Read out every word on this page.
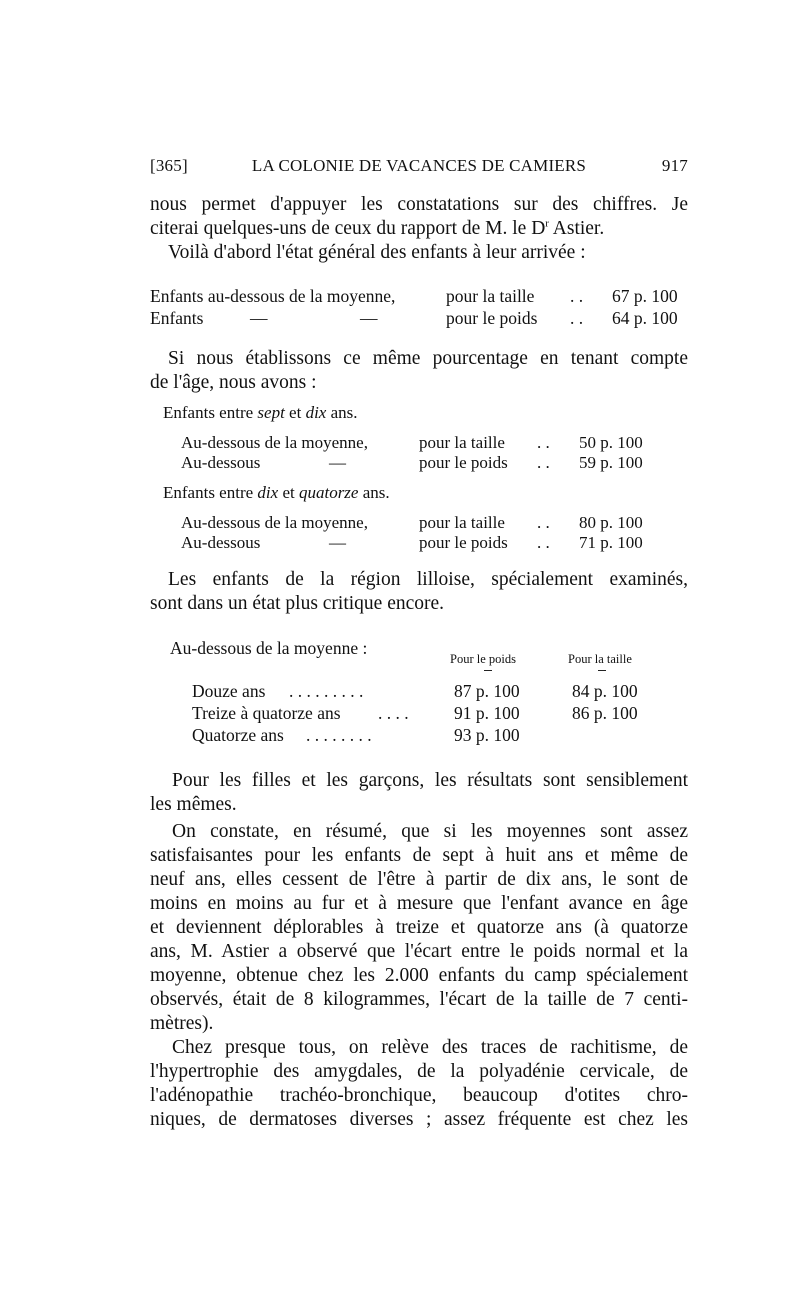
[365]	LA COLONIE DE VACANCES DE CAMIERS	917
nous permet d'appuyer les constatations sur des chiffres. Je
citerai quelques-uns de ceux du rapport de M. le $D^r$ Astier.
Voilà d'abord l'état général des enfants à leur arrivée :
Enfants au-dessous de la moyenne,	pour la taille . . 67 p. 100
Enfants	—	—	pour le poids . . 64 p. 100
Si nous établissons ce même pourcentage en tenant compte
de l'âge, nous avons :
Enfants entre sept et dix ans.
Au-dessous de la moyenne,	pour la taille . . 50 p. 100
Au-dessous	—	pour le poids . . 59 p. 100
Enfants entre dix et quatorze ans.
Au-dessous de la moyenne,	pour la taille . . 80 p. 100
Au-dessous	—	pour le poids . . 71 p. 100
Les enfants de la région lilloise, spécialement examinés,
sont dans un état plus critique encore.
Au-dessous de la moyenne :
Pour le poids	Pour la taille
Douze ans . . . . . . . . .	87 p. 100	84 p. 100
Treize à quatorze ans . . . .	91 p. 100	86 p. 100
Quatorze ans . . . . . . . .	93 p. 100
Pour les filles et les garçons, les résultats sont sensiblement
les mêmes.
On constate, en résumé, que si les moyennes sont assez
satisfaisantes pour les enfants de sept à huit ans et même de
neuf ans, elles cessent de l'être à partir de dix ans, le sont de
moins en moins au fur et à mesure que l'enfant avance en âge
et deviennent déplorables à treize et quatorze ans (à quatorze
ans, M. Astier a observé que l'écart entre le poids normal et la
moyenne, obtenue chez les 2.000 enfants du camp spécialement
observés, était de 8 kilogrammes, l'écart de la taille de 7 centi-
mètres).
Chez presque tous, on relève des traces de rachitisme, de
l'hypertrophie des amygdales, de la polyadénie cervicale, de
l'adénopathie trachéo-bronchique, beaucoup d'otites chro-
niques, de dermatoses diverses ; assez fréquente est chez les
